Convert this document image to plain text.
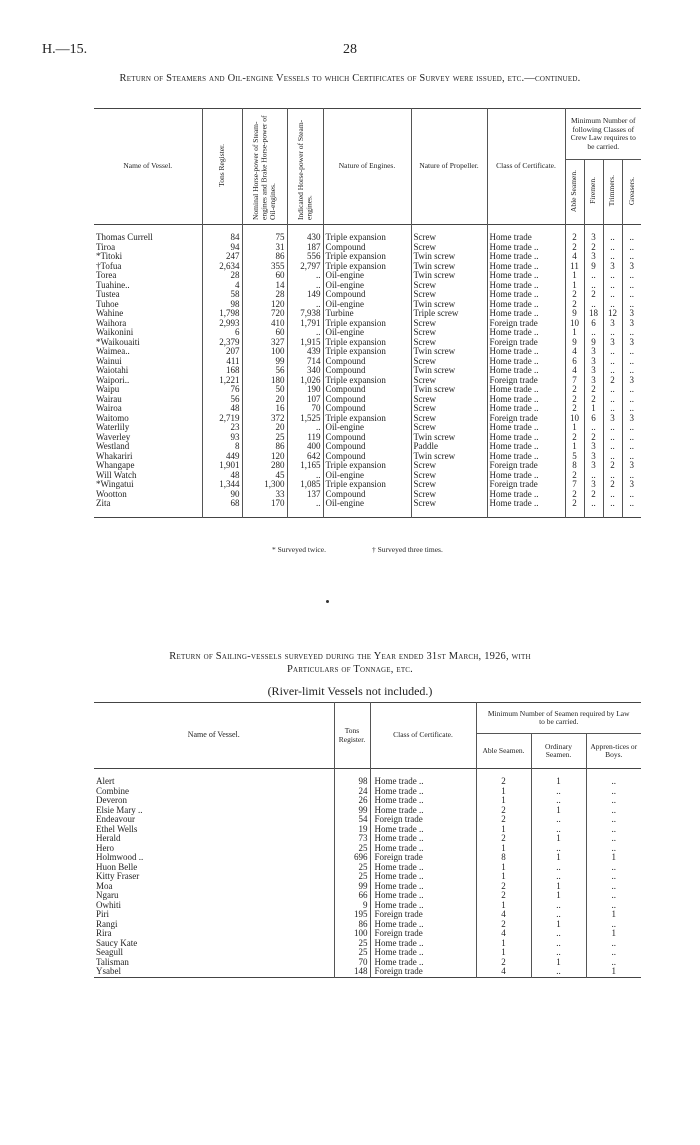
H.—15.	28
Return of Steamers and Oil-engine Vessels to which Certificates of Survey were issued, etc.—continued.
Name of Vessel.	Tons Register.	Nominal Horse-power of Steam-engines and Brake Horse-power of Oil-engines.	Indicated Horse-power of Steam-engines.	Nature of Engines.	Nature of Propeller.	Class of Certificate.	Minimum Number of following Classes of Crew Law requires to be carried.			
							Able Seamen.	Firemen.	Trimmers.	Greasers.
Thomas Currell	84	75	430	Triple expansion	Screw	Home trade	2	3	..	..
Tiroa	94	31	187	Compound	Screw	Home trade ..	2	2	..	..
*Titoki	247	86	556	Triple expansion	Twin screw	Home trade ..	4	3	..	..
†Tofua	2,634	355	2,797	Triple expansion	Twin screw	Home trade ..	11	9	3	3
Torea	28	60	..	Oil-engine	Twin screw	Home trade ..	1	..	..	..
Tuahine..	4	14	..	Oil-engine	Screw	Home trade ..	1	..	..	..
Tustea	58	28	149	Compound	Screw	Home trade ..	2	2	..	..
Tuhoe	98	120	..	Oil-engine	Twin screw	Home trade ..	2	..	..	..
Wahine	1,798	720	7,938	Turbine	Triple screw	Home trade ..	9	18	12	3
Waihora	2,993	410	1,791	Triple expansion	Screw	Foreign trade	10	6	3	3
Waikonini	6	60	..	Oil-engine	Screw	Home trade ..	1	..	..	..
*Waikouaiti	2,379	327	1,915	Triple expansion	Screw	Foreign trade	9	9	3	3
Waimea..	207	100	439	Triple expansion	Twin screw	Home trade ..	4	3	..	..
Wainui	411	99	714	Compound	Screw	Home trade ..	6	3	..	..
Waiotahi	168	56	340	Compound	Twin screw	Home trade ..	4	3	..	..
Waipori..	1,221	180	1,026	Triple expansion	Screw	Foreign trade	7	3	2	3
Waipu	76	50	190	Compound	Twin screw	Home trade ..	2	2	..	..
Wairau	56	20	107	Compound	Screw	Home trade ..	2	2	..	..
Wairoa	48	16	70	Compound	Screw	Home trade ..	2	1	..	..
Waitomo	2,719	372	1,525	Triple expansion	Screw	Foreign trade	10	6	3	3
Waterlily	23	20	..	Oil-engine	Screw	Home trade ..	1	..	..	..
Waverley	93	25	119	Compound	Twin screw	Home trade ..	2	2	..	..
Westland	8	86	400	Compound	Paddle	Home trade ..	1	3	..	..
Whakariri	449	120	642	Compound	Twin screw	Home trade ..	5	3	..	..
Whangape	1,901	280	1,165	Triple expansion	Screw	Foreign trade	8	3	2	3
Will Watch	48	45	..	Oil-engine	Screw	Home trade ..	2	..	..	..
*Wingatui	1,344	1,300	1,085	Triple expansion	Screw	Foreign trade	7	3	2	3
Wootton	90	33	137	Compound	Screw	Home trade ..	2	2	..	..
Zita	68	170	..	Oil-engine	Screw	Home trade ..	2	..	..	..
* Surveyed twice.	† Surveyed three times.
Return of Sailing-vessels surveyed during the Year ended 31st March, 1926, with
Particulars of Tonnage, etc.
(River-limit Vessels not included.)
Name of Vessel.	Tons Register.	Class of Certificate.	Minimum Number of Seamen required by Law to be carried.		
			Able Seamen.	Ordinary Seamen.	Appren-tices or Boys.
Alert	98	Home trade ..	2	1	..
Combine	24	Home trade ..	1	..	..
Deveron	26	Home trade ..	1	..	..
Elsie Mary ..	99	Home trade ..	2	1	..
Endeavour	54	Foreign trade	2	..	..
Ethel Wells	19	Home trade ..	1	..	..
Herald	73	Home trade ..	2	1	..
Hero	25	Home trade ..	1	..	..
Holmwood ..	696	Foreign trade	8	1	1
Huon Belle	25	Home trade ..	1	..	..
Kitty Fraser	25	Home trade ..	1	..	..
Moa	99	Home trade ..	2	1	..
Ngaru	66	Home trade ..	2	1	..
Owhiti	9	Home trade ..	1	..	..
Piri	195	Foreign trade	4	..	1
Rangi	86	Home trade ..	2	1	..
Rira	100	Foreign trade	4	..	1
Saucy Kate	25	Home trade ..	1	..	..
Seagull	25	Home trade ..	1	..	..
Talisman	70	Home trade ..	2	1	..
Ysabel	148	Foreign trade	4	..	1
